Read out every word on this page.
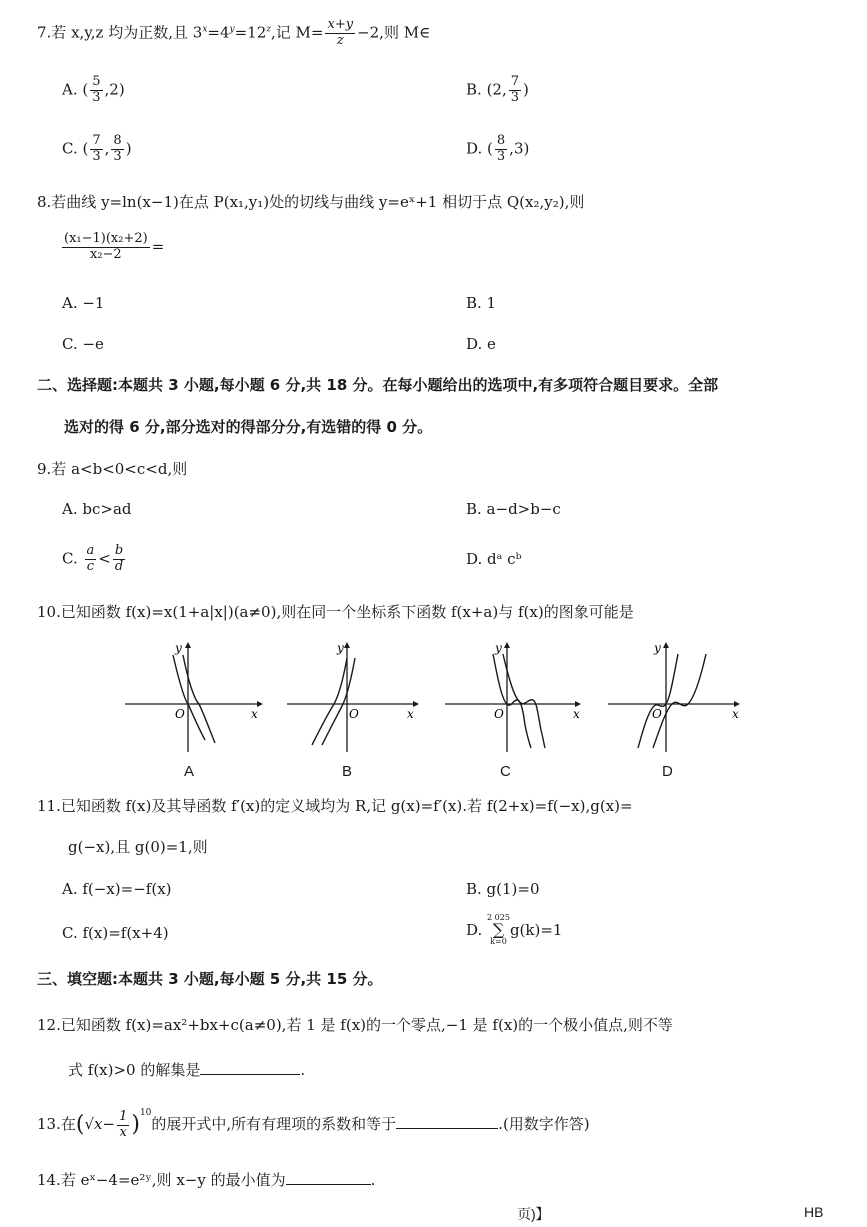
7.若 x,y,z 均为正数,且 $3^x=4^y=12^z$,记 $M= \frac{x+y}{z} -2$,则 M∈
A. ( $\frac{5}{3} ,2$)	B. (2, $\frac{7}{3}$ )
C. ( $\frac{7}{3}$ , $\frac{8}{3}$ )	D. ( $\frac{8}{3} ,3$)
8.若曲线 y=ln(x−1)在点 P(x₁,y₁)处的切线与曲线 y=eˣ+1 相切于点 Q(x₂,y₂),则
$\frac{\text{(x₁−1)(x₂+2)}}{\text{x₂−2}}$ =
A. −1	B. 1
C. −e	D. e
二、选择题:本题共 3 小题,每小题 6 分,共 18 分。在每小题给出的选项中,有多项符合题目要求。全部
选对的得 6 分,部分选对的得部分分,有选错的得 0 分。
9.若 a<b<0<c<d,则
A. bc>ad	B. a−d>b−c
C. $\frac{a}{c} < \frac{b}{d}$	D. dᵃ cᵇ
10.已知函数 f(x)=x(1+a|x|)(a≠0),则在同一个坐标系下函数 f(x+a)与 f(x)的图象可能是
y
x
O
A
y
x
O
B
y
x
O
C
y
x
O
D
11.已知函数 f(x)及其导函数 f′(x)的定义域均为 R,记 g(x)=f′(x).若 f(2+x)=f(−x),g(x)=
g(−x),且 g(0)=1,则
A. f(−x)=−f(x)	B. g(1)=0
C. f(x)=f(x+4)	D.
2 025
∑
k=0
g(k)=1
三、填空题:本题共 3 小题,每小题 5 分,共 15 分。
12.已知函数 f(x)=ax²+bx+c(a≠0),若 1 是 f(x)的一个零点,−1 是 f(x)的一个极小值点,则不等
式 f(x)>0 的解集是	.
13.在$(√x- \frac{1}{x} )^{10}$的展开式中,所有有理项的系数和等于	.(用数字作答)
14.若 eˣ−4=e²ʸ,则 x−y 的最小值为	.
页)】	HB
